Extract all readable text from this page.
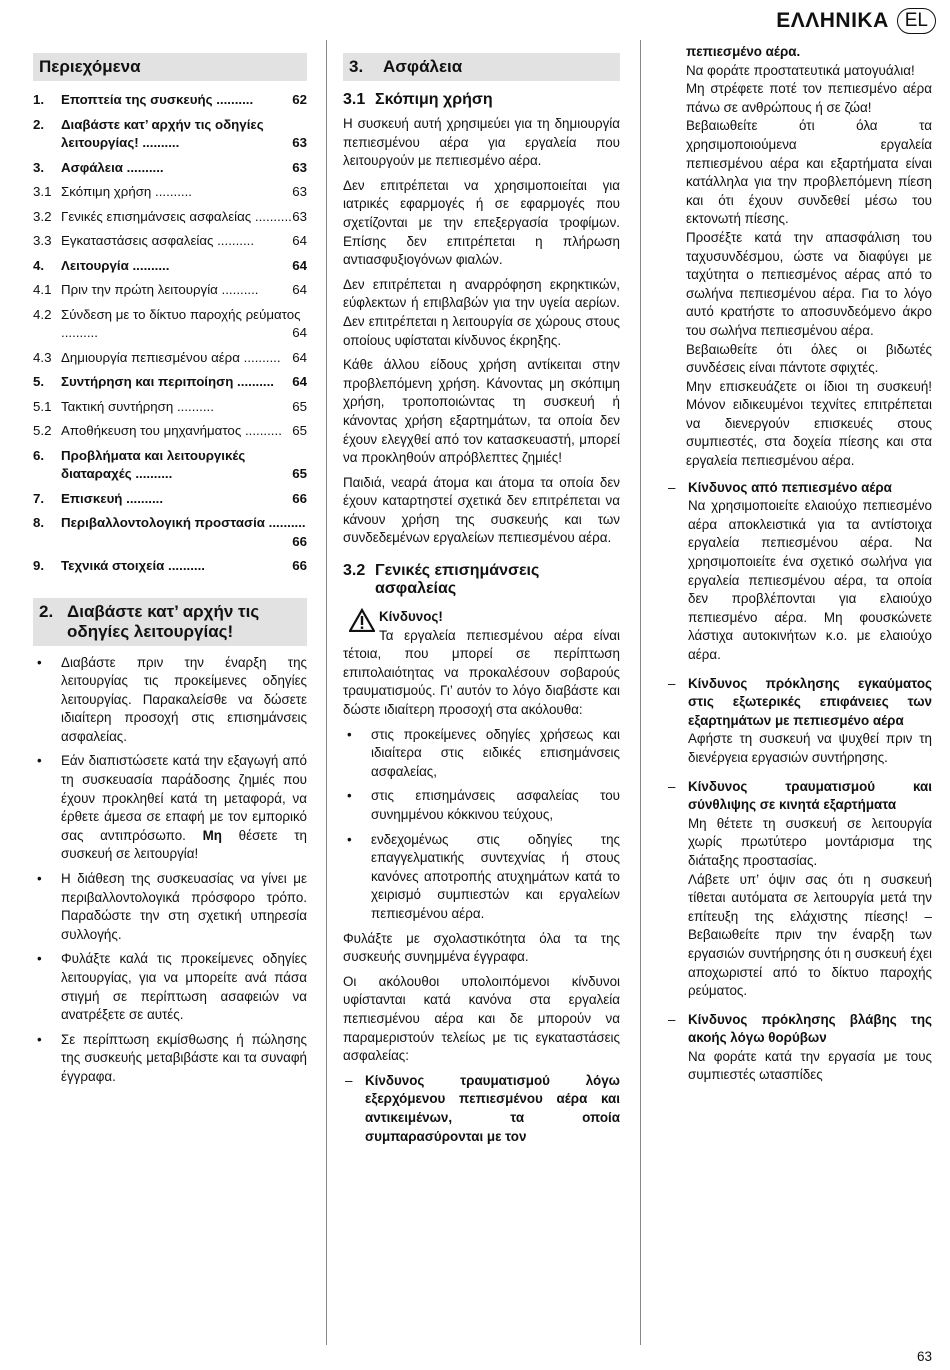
ΕΛΛΗΝΙΚΑ EL
Περιεχόμενα
1.	Εποπτεία της συσκευής ..........	62
2.	Διαβάστε κατ’ αρχήν τις οδηγίες λειτουργίας! ..........	63
3.	Ασφάλεια ..........	63
3.1 Σκόπιμη χρήση ..........	63
3.2 Γενικές επισημάνσεις ασφαλείας .......... 63
3.3 Εγκαταστάσεις ασφαλείας ..........	64
4.	Λειτουργία ..........	64
4.1 Πριν την πρώτη λειτουργία ..........	64
4.2 Σύνδεση με το δίκτυο παροχής ρεύματος ..........	64
4.3 Δημιουργία πεπιεσμένου αέρα .......... 64
5.	Συντήρηση και περιποίηση .......... 64
5.1 Τακτική συντήρηση ..........	65
5.2 Αποθήκευση του μηχανήματος .......... 65
6.	Προβλήματα και λειτουργικές διαταραχές ..........	65
7.	Επισκευή ..........	66
8.	Περιβαλλοντολογική προστασία ..........
66
9.	Τεχνικά στοιχεία ..........	66
2. Διαβάστε κατ’ αρχήν τις οδηγίες λειτουργίας!
• Διαβάστε πριν την έναρξη της λειτουργίας τις προκείμενες οδηγίες λειτουργίας. Παρακαλείσθε να δώσετε ιδιαίτερη προσοχή στις επισημάνσεις ασφαλείας.
• Εάν διαπιστώσετε κατά την εξαγωγή από τη συσκευασία παράδοσης ζημιές που έχουν προκληθεί κατά τη μεταφορά, να έρθετε άμεσα σε επαφή με τον εμπορικό σας αντιπρόσωπο. Μη θέσετε τη συσκευή σε λειτουργία!
• Η διάθεση της συσκευασίας να γίνει με περιβαλλοντολογικά πρόσφορο τρόπο. Παραδώστε την στη σχετική υπηρεσία συλλογής.
• Φυλάξτε καλά τις προκείμενες οδηγίες λειτουργίας, για να μπορείτε ανά πάσα στιγμή σε περίπτωση ασαφειών να ανατρέξετε σε αυτές.
• Σε περίπτωση εκμίσθωσης ή πώλησης της συσκευής μεταβιβάστε και τα συναφή έγγραφα.
3.	Ασφάλεια
3.1 Σκόπιμη χρήση
Η συσκευή αυτή χρησιμεύει για τη δημιουργία πεπιεσμένου αέρα για εργαλεία που λειτουργούν με πεπιεσμένο αέρα.
Δεν επιτρέπεται να χρησιμοποιείται για ιατρικές εφαρμογές ή σε εφαρμογές που σχετίζονται με την επεξεργασία τροφίμων. Επίσης δεν επιτρέπεται η πλήρωση αντιασφυξιογόνων φιαλών.
Δεν επιτρέπεται η αναρρόφηση εκρηκτικών, εύφλεκτων ή επιβλαβών για την υγεία αερίων. Δεν επιτρέπεται η λειτουργία σε χώρους στους οποίους υφίσταται κίνδυνος έκρηξης.
Κάθε άλλου είδους χρήση αντίκειται στην προβλεπόμενη χρήση. Κάνοντας μη σκόπιμη χρήση, τροποποιώντας τη συσκευή ή κάνοντας χρήση εξαρτημάτων, τα οποία δεν έχουν ελεγχθεί από τον κατασκευαστή, μπορεί να προκληθούν απρόβλεπτες ζημιές!
Παιδιά, νεαρά άτομα και άτομα τα οποία δεν έχουν καταρτηστεί σχετικά δεν επιτρέπεται να κάνουν χρήση της συσκευής και των συνδεδεμένων εργαλείων πεπιεσμένου αέρα.
3.2 Γενικές επισημάνσεις ασφαλείας
Κίνδυνος!
Τα εργαλεία πεπιεσμένου αέρα είναι τέτοια, που μπορεί σε περίπτωση επιπολαιότητας να προκαλέσουν σοβαρούς τραυματισμούς. Γι’ αυτόν το λόγο διαβάστε και δώστε ιδιαίτερη προσοχή στα ακόλουθα:
• στις προκείμενες οδηγίες χρήσεως και ιδιαίτερα στις ειδικές επισημάνσεις ασφαλείας,
• στις επισημάνσεις ασφαλείας του συνημμένου κόκκινου τεύχους,
• ενδεχομένως στις οδηγίες της επαγγελματικής συντεχνίας ή στους κανόνες αποτροπής ατυχημάτων κατά το χειρισμό συμπιεστών και εργαλείων πεπιεσμένου αέρα.
Φυλάξτε με σχολαστικότητα όλα τα της συσκευής συνημμένα έγγραφα.
Οι ακόλουθοι υπολοιπόμενοι κίνδυνοι υφίστανται κατά κανόνα στα εργαλεία πεπιεσμένου αέρα και δε μπορούν να παραμεριστούν τελείως με τις εγκαταστάσεις ασφαλείας:
– Κίνδυνος τραυματισμού λόγω εξερχόμενου πεπιεσμένου αέρα και αντικειμένων, τα οποία συμπαρασύρονται με τον
πεπιεσμένο αέρα.
Να φοράτε προστατευτικά ματογυάλια!
Μη στρέφετε ποτέ τον πεπιεσμένο αέρα πάνω σε ανθρώπους ή σε ζώα!
Βεβαιωθείτε ότι όλα τα χρησιμοποιούμενα εργαλεία πεπιεσμένου αέρα και εξαρτήματα είναι κατάλληλα για την προβλεπόμενη πίεση και ότι έχουν συνδεθεί μέσω του εκτονωτή πίεσης.
Προσέξτε κατά την απασφάλιση του ταχυσυνδέσμου, ώστε να διαφύγει με ταχύτητα ο πεπιεσμένος αέρας από το σωλήνα πεπιεσμένου αέρα. Για το λόγο αυτό κρατήστε το αποσυνδεόμενο άκρο του σωλήνα πεπιεσμένου αέρα.
Βεβαιωθείτε ότι όλες οι βιδωτές συνδέσεις είναι πάντοτε σφιχτές.
Μην επισκευάζετε οι ίδιοι τη συσκευή! Μόνον ειδικευμένοι τεχνίτες επιτρέπεται να διενεργούν επισκευές στους συμπιεστές, στα δοχεία πίεσης και στα εργαλεία πεπιεσμένου αέρα.
– Κίνδυνος από πεπιεσμένο αέρα
Να χρησιμοποιείτε ελαιούχο πεπιεσμένο αέρα αποκλειστικά για τα αντίστοιχα εργαλεία πεπιεσμένου αέρα. Να χρησιμοποιείτε ένα σχετικό σωλήνα για εργαλεία πεπιεσμένου αέρα, τα οποία δεν προβλέπονται για ελαιούχο πεπιεσμένο αέρα. Μη φουσκώνετε λάστιχα αυτοκινήτων κ.ο. με ελαιούχο αέρα.
– Κίνδυνος πρόκλησης εγκαύματος στις εξωτερικές επιφάνειες των εξαρτημάτων με πεπιεσμένο αέρα
Αφήστε τη συσκευή να ψυχθεί πριν τη διενέργεια εργασιών συντήρησης.
– Κίνδυνος τραυματισμού και σύνθλιψης σε κινητά εξαρτήματα
Μη θέτετε τη συσκευή σε λειτουργία χωρίς πρωτύτερο μοντάρισμα της διάταξης προστασίας.
Λάβετε υπ’ όψιν σας ότι η συσκευή τίθεται αυτόματα σε λειτουργία μετά την επίτευξη της ελάχιστης πίεσης! –Βεβαιωθείτε πριν την έναρξη των εργασιών συντήρησης ότι η συσκευή έχει αποχωριστεί από το δίκτυο παροχής ρεύματος.
– Κίνδυνος πρόκλησης βλάβης της ακοής λόγω θορύβων
Να φοράτε κατά την εργασία με τους συμπιεστές ωτασπίδες
63
